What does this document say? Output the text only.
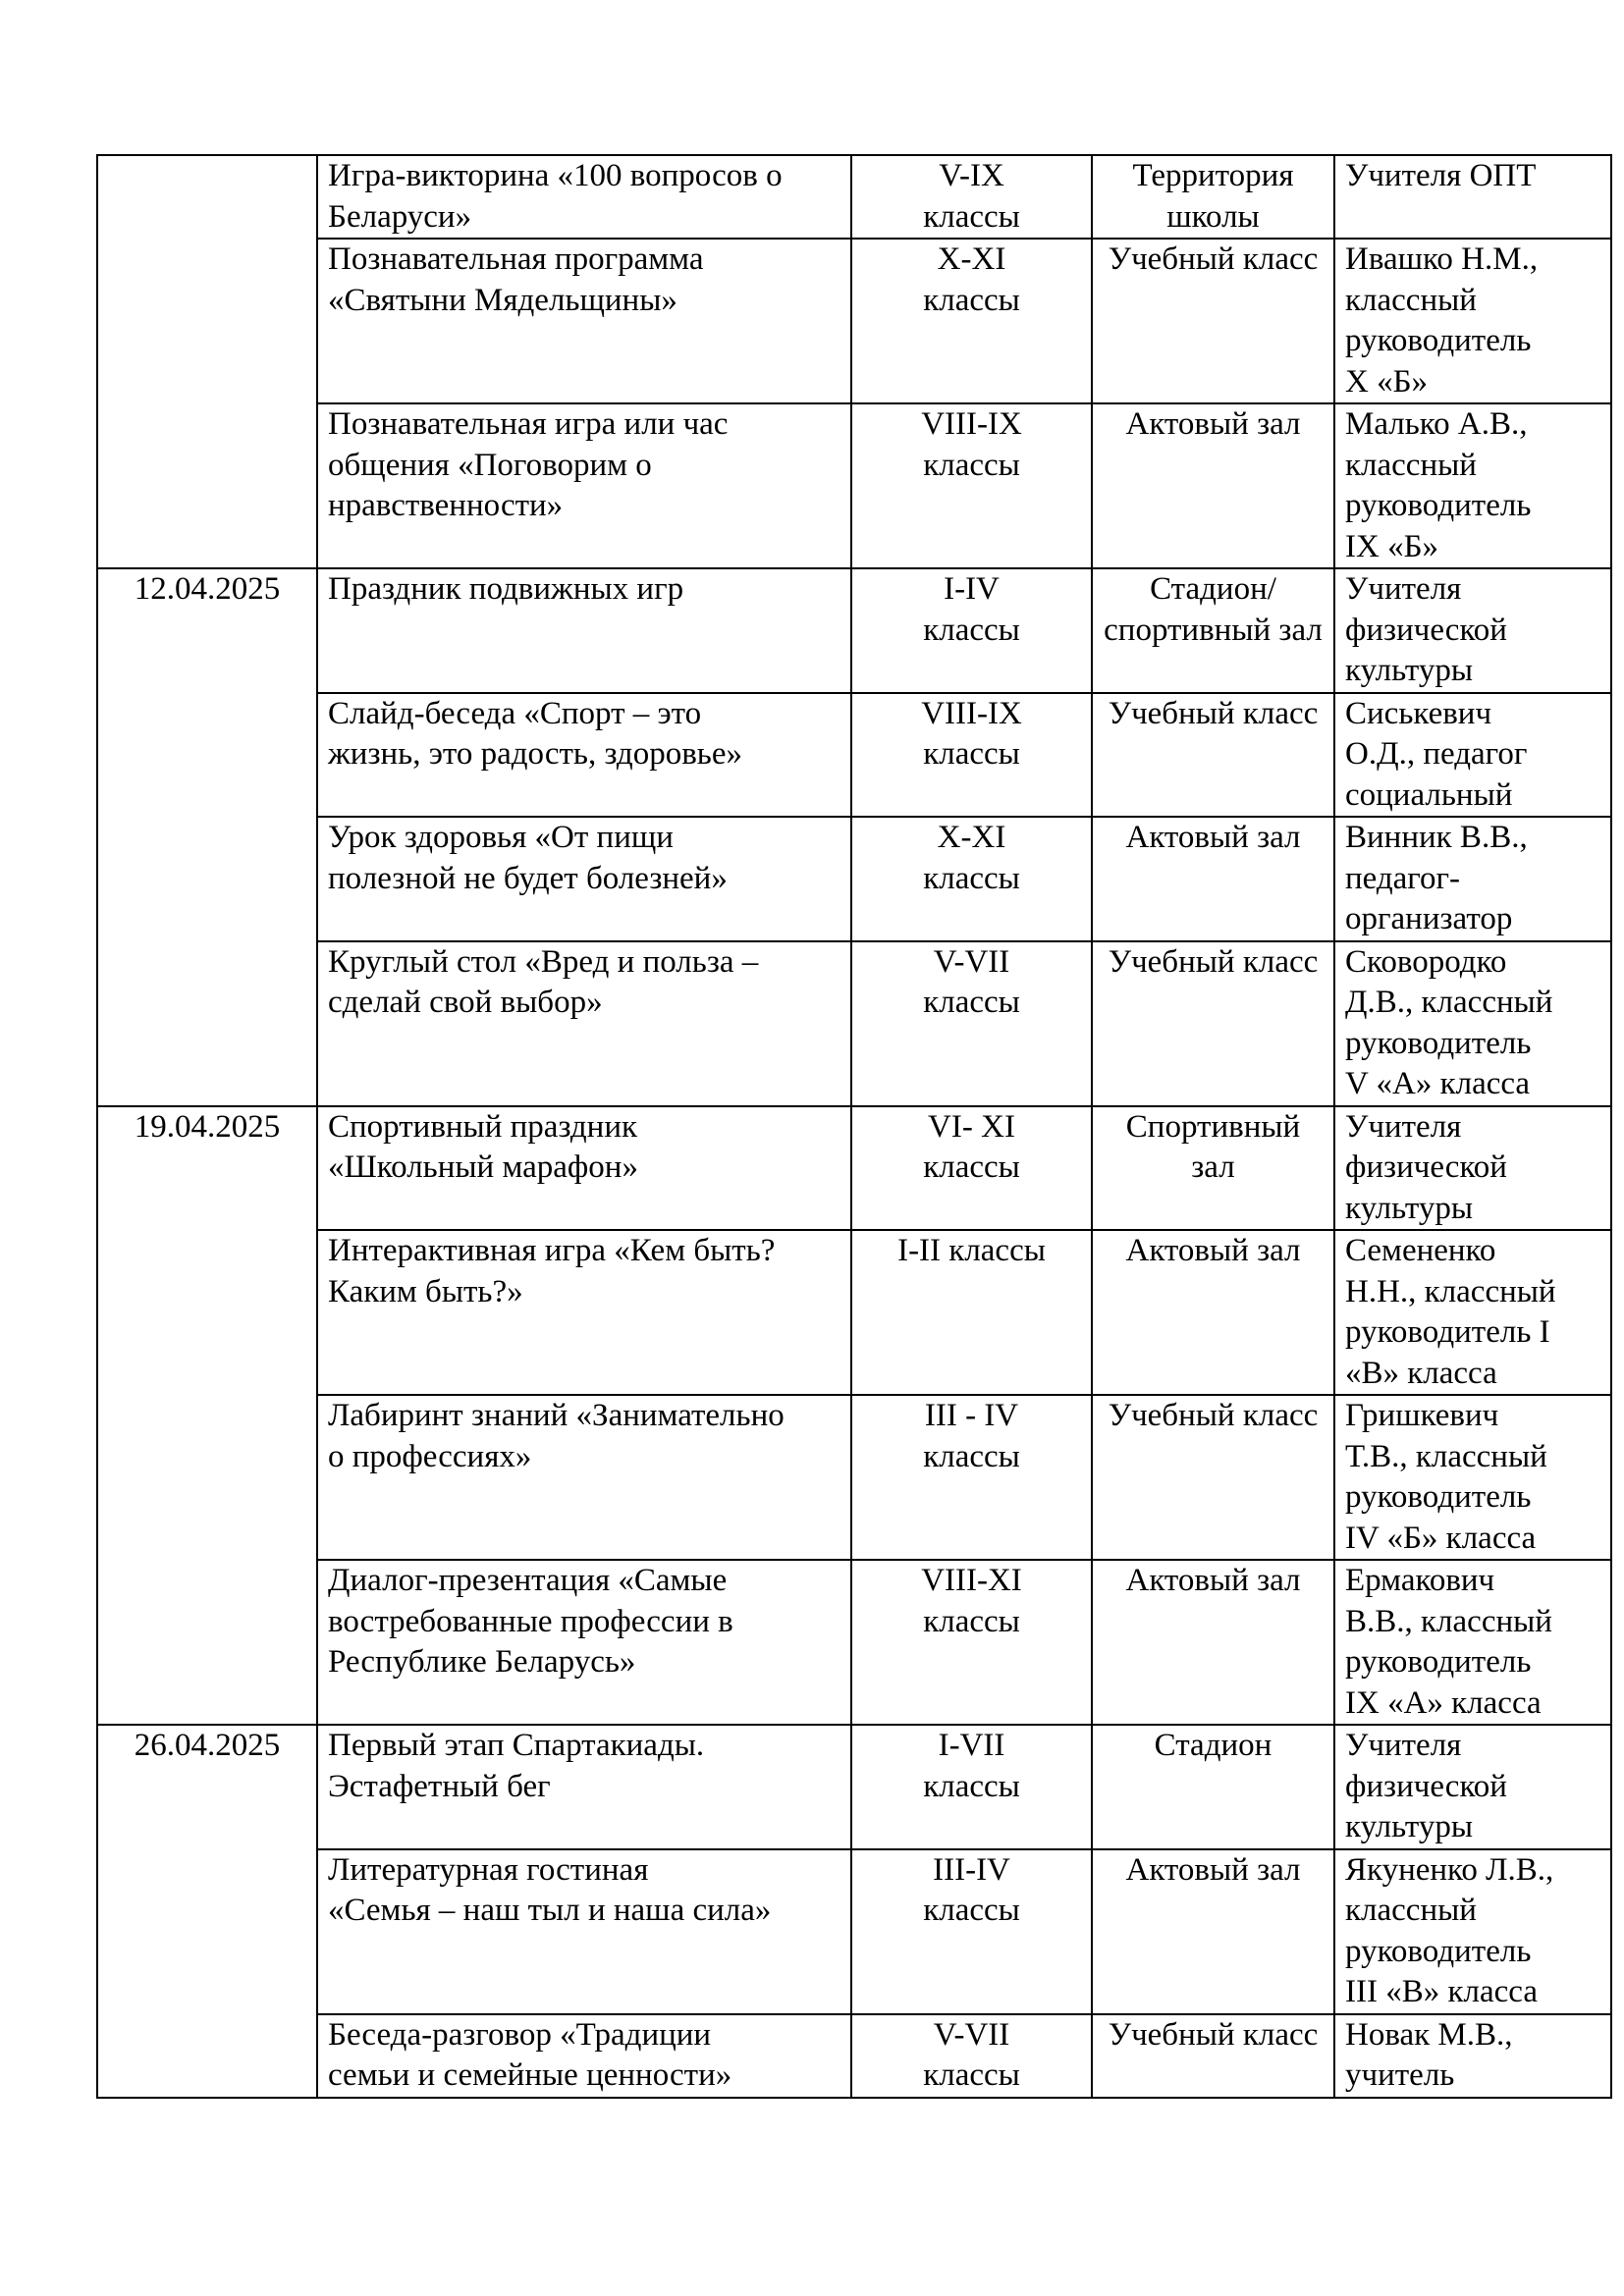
	Игра-викторина «100 вопросов о
Беларуси»	V-IX
классы	Территория
школы	Учителя ОПТ

	Познавательная программа
«Святыни Мядельщины»	X-XI
классы	Учебный класс	Ивашко Н.М.,
классный
руководитель
X «Б»

	Познавательная игра или час
общения «Поговорим о
нравственности»	VIII-IX
классы	Актовый зал	Малько А.В.,
классный
руководитель
IX «Б»

12.04.2025	Праздник подвижных игр	I-IV
классы	Стадион/
спортивный зал	Учителя
физической
культуры

	Слайд-беседа «Спорт – это
жизнь, это радость, здоровье»	VIII-IX
классы	Учебный класс	Сиськевич
О.Д., педагог
социальный

	Урок здоровья «От пищи
полезной не будет болезней»	X-XI
классы	Актовый зал	Винник В.В.,
педагог-
организатор

	Круглый стол «Вред и польза –
сделай свой выбор»	V-VII
классы	Учебный класс	Сковородко
Д.В., классный
руководитель
V «А» класса

19.04.2025	Спортивный праздник
«Школьный марафон»	VI- XI
классы	Спортивный
зал	Учителя
физической
культуры

	Интерактивная игра «Кем быть?
Каким быть?»	I-II классы	Актовый зал	Семененко
Н.Н., классный
руководитель I
«В» класса

	Лабиринт знаний «Занимательно
о профессиях»	III - IV
классы	Учебный класс	Гришкевич
Т.В., классный
руководитель
IV «Б» класса

	Диалог-презентация «Самые
востребованные профессии в
Республике Беларусь»	VIII-XI
классы	Актовый зал	Ермакович
В.В., классный
руководитель
IX «А» класса

26.04.2025	Первый этап Спартакиады.
Эстафетный бег	I-VII
классы	Стадион	Учителя
физической
культуры

	Литературная гостиная
«Семья – наш тыл и наша сила»	III-IV
классы	Актовый зал	Якуненко Л.В.,
классный
руководитель
III «В» класса

	Беседа-разговор «Традиции
семьи и семейные ценности»	V-VII
классы	Учебный класс	Новак М.В.,
учитель
